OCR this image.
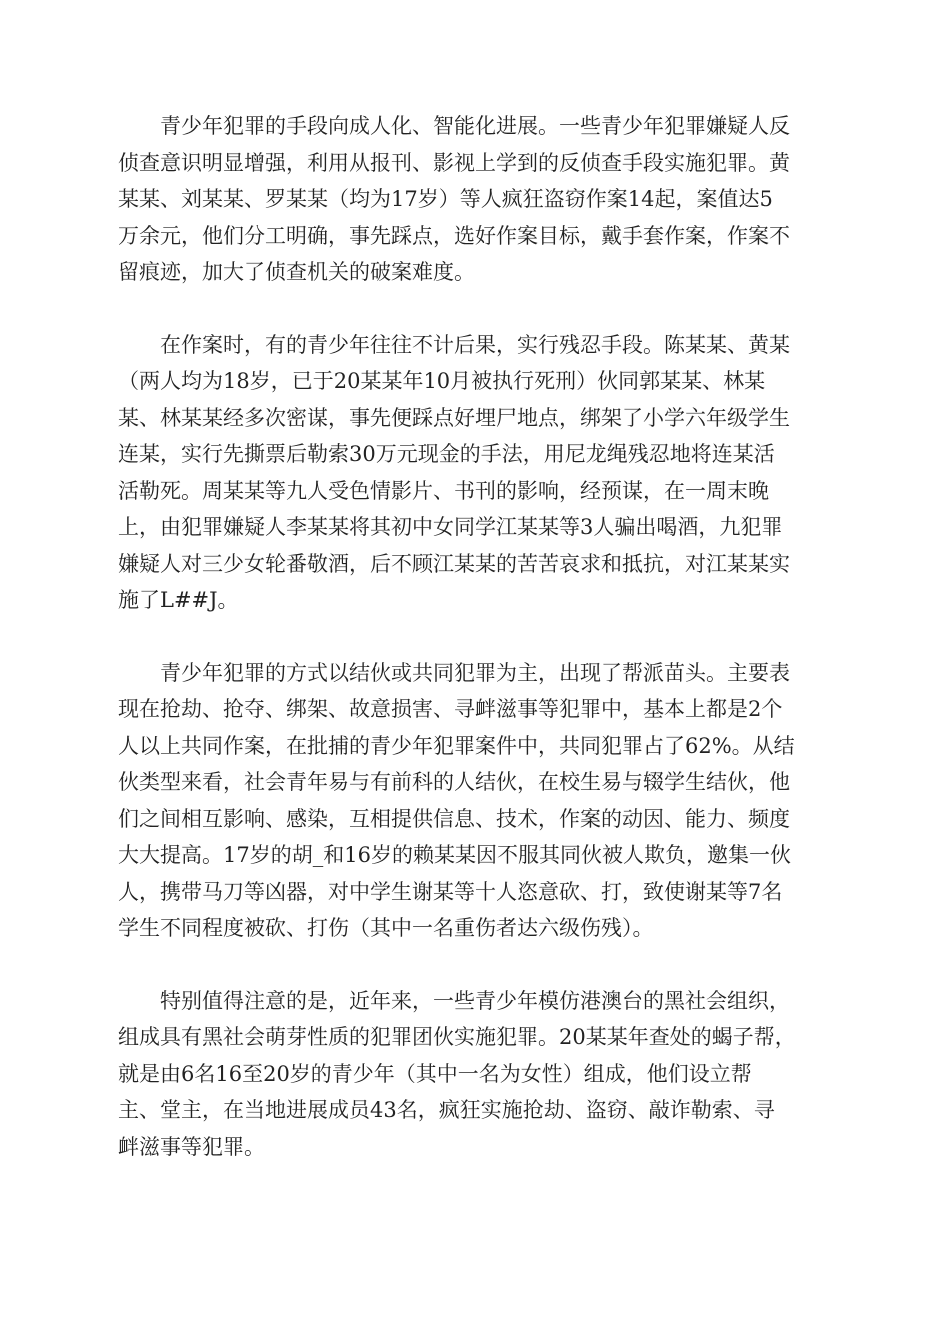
青少年犯罪的手段向成人化、智能化进展。一些青少年犯罪嫌疑人反
侦查意识明显增强，利用从报刊、影视上学到的反侦查手段实施犯罪。黄
某某、刘某某、罗某某（均为17岁）等人疯狂盗窃作案14起，案值达5
万余元，他们分工明确，事先踩点，选好作案目标，戴手套作案，作案不
留痕迹，加大了侦查机关的破案难度。

在作案时，有的青少年往往不计后果，实行残忍手段。陈某某、黄某
（两人均为18岁，已于20某某年10月被执行死刑）伙同郭某某、林某
某、林某某经多次密谋，事先便踩点好埋尸地点，绑架了小学六年级学生
连某，实行先撕票后勒索30万元现金的手法，用尼龙绳残忍地将连某活
活勒死。周某某等九人受色情影片、书刊的影响，经预谋，在一周末晚
上，由犯罪嫌疑人李某某将其初中女同学江某某等3人骗出喝酒，九犯罪
嫌疑人对三少女轮番敬酒，后不顾江某某的苦苦哀求和抵抗，对江某某实
施了L##J。

青少年犯罪的方式以结伙或共同犯罪为主，出现了帮派苗头。主要表
现在抢劫、抢夺、绑架、故意损害、寻衅滋事等犯罪中，基本上都是2个
人以上共同作案，在批捕的青少年犯罪案件中，共同犯罪占了62%。从结
伙类型来看，社会青年易与有前科的人结伙，在校生易与辍学生结伙，他
们之间相互影响、感染，互相提供信息、技术，作案的动因、能力、频度
大大提高。17岁的胡_和16岁的赖某某因不服其同伙被人欺负，邀集一伙
人，携带马刀等凶器，对中学生谢某等十人恣意砍、打，致使谢某等7名
学生不同程度被砍、打伤（其中一名重伤者达六级伤残）。

特别值得注意的是，近年来，一些青少年模仿港澳台的黑社会组织，
组成具有黑社会萌芽性质的犯罪团伙实施犯罪。20某某年查处的蝎子帮，
就是由6名16至20岁的青少年（其中一名为女性）组成，他们设立帮
主、堂主，在当地进展成员43名，疯狂实施抢劫、盗窃、敲诈勒索、寻
衅滋事等犯罪。
